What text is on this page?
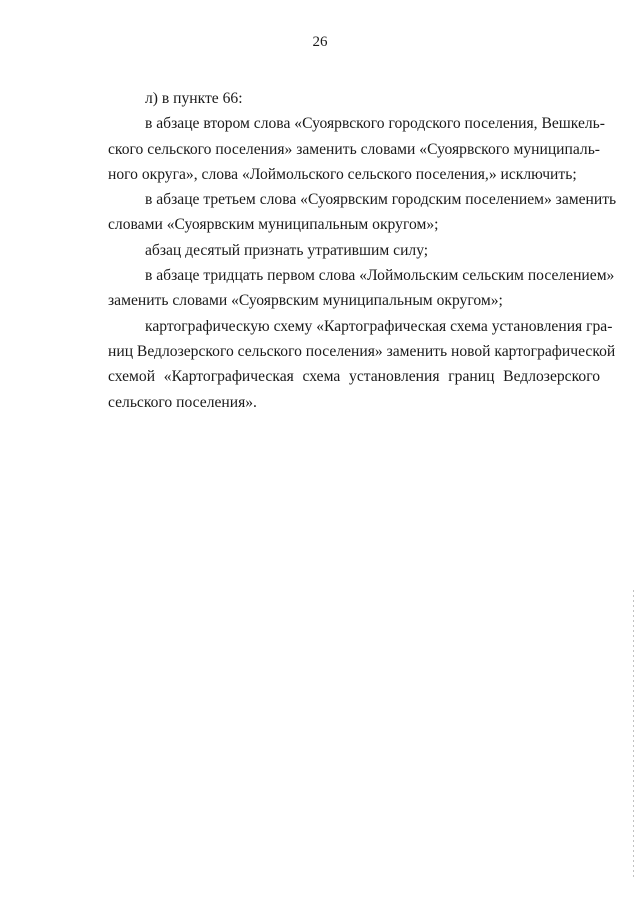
26
л) в пункте 66:
в абзаце втором слова «Суоярвского городского поселения, Вешкель-
ского сельского поселения» заменить словами «Суоярвского муниципаль-
ного округа», слова «Лоймольского сельского поселения,» исключить;
в абзаце третьем слова «Суоярвским городским поселением» заменить
словами «Суоярвским муниципальным округом»;
абзац десятый признать утратившим силу;
в абзаце тридцать первом слова «Лоймольским сельским поселением»
заменить словами «Суоярвским муниципальным округом»;
картографическую схему «Картографическая схема установления гра-
ниц Ведлозерского сельского поселения» заменить новой картографической
схемой «Картографическая схема установления границ Ведлозерского
сельского поселения».
